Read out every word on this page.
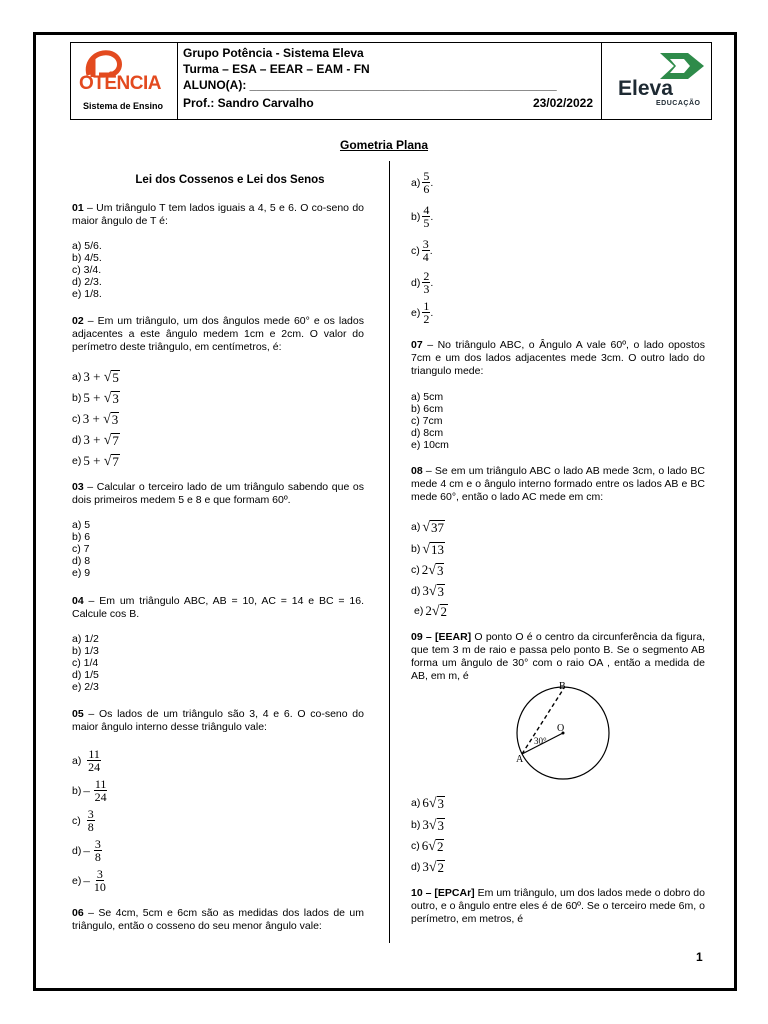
OTÊNCIA
Sistema de Ensino
Grupo Potência - Sistema Eleva
Turma – ESA – EEAR – EAM - FN
ALUNO(A): ______________________________________________
Prof.: Sandro Carvalho	23/02/2022
Eleva
EDUCAÇÃO
Gometria Plana
Lei dos Cossenos e Lei dos Senos
01 – Um triângulo T tem lados iguais a 4, 5 e 6. O co-seno do maior ângulo de T é:
a) 5/6.
b) 4/5.
c) 3/4.
d) 2/3.
e) 1/8.
02 – Em um triângulo, um dos ângulos mede 60° e os lados adjacentes a este ângulo medem 1cm e 2cm. O valor do perímetro deste triângulo, em centímetros, é:
a) 3 + √ 5
b) 5 + √ 3
c) 3 + √ 3
d) 3 + √ 7
e) 5 + √ 7
03 – Calcular o terceiro lado de um triângulo sabendo que os dois primeiros medem 5 e 8 e que formam 60º.
a) 5
b) 6
c) 7
d) 8
e) 9
04 – Em um triângulo ABC, AB = 10, AC = 14 e BC = 16. Calcule cos B.
a) 1/2
b) 1/3
c) 1/4
d) 1/5
e) 2/3
05 – Os lados de um triângulo são 3, 4 e 6. O co-seno do maior ângulo interno desse triângulo vale:
$a) \frac{11}{24}$
$b) - \frac{11}{24}$
$c) \frac{3}{8}$
$d) - \frac{3}{8}$
$e) - \frac{3}{10}$
06 – Se 4cm, 5cm e 6cm são as medidas dos lados de um triângulo, então o cosseno do seu menor ângulo vale:
$a) \frac{5}{6}$ .
$b) \frac{4}{5}$ .
$c) \frac{3}{4}$ .
$d) \frac{2}{3}$ .
$e) \frac{1}{2}$ .
07 – No triângulo ABC, o Ângulo A vale 60º, o lado opostos 7cm e um dos lados adjacentes mede 3cm. O outro lado do triangulo mede:
a) 5cm
b) 6cm
c) 7cm
d) 8cm
e) 10cm
08 – Se em um triângulo ABC o lado AB mede 3cm, o lado BC mede 4 cm e o ângulo interno formado entre os lados AB e BC mede 60°, então o lado AC mede em cm:
a) √ 37
b) √ 13
c) 2 √ 3
d) 3 √ 3
e) 2 √ 2
09 – [EEAR] O ponto O é o centro da circunferência da figura, que tem 3 m de raio e passa pelo ponto B. Se o segmento AB forma um ângulo de 30° com o raio OA , então a medida de AB, em m, é
A
B
O
30°
a) 6 √ 3
b) 3 √ 3
c) 6 √ 2
d) 3 √ 2
10 – [EPCAr] Em um triângulo, um dos lados mede o dobro do outro, e o ângulo entre eles é de 60º. Se o terceiro mede 6m, o perímetro, em metros, é
1
